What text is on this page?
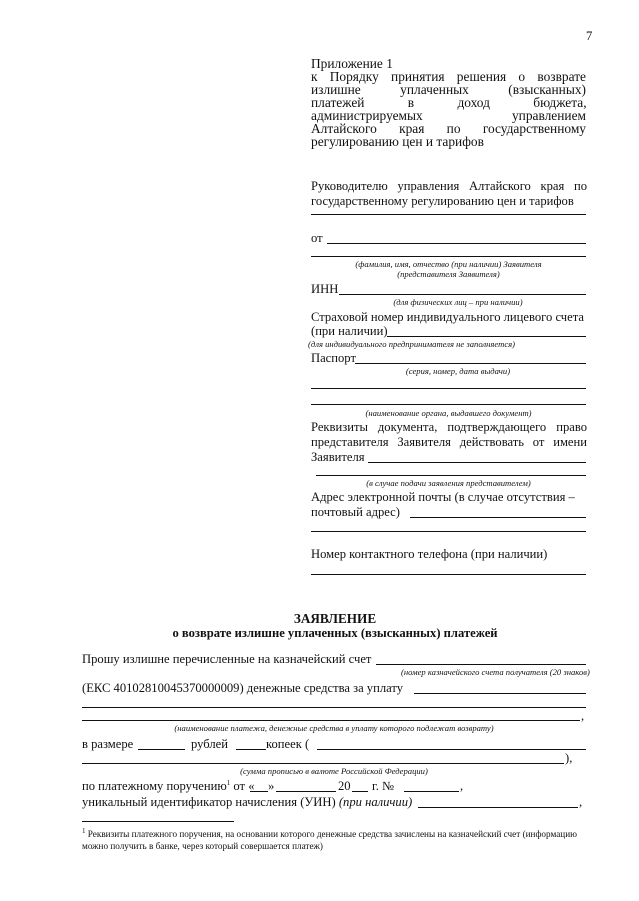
7
Приложение 1
к Порядку принятия решения о возврате
излишне уплаченных (взысканных)
платежей в доход бюджета,
администрируемых управлением
Алтайского края по государственному
регулированию цен и тарифов
Руководителю управления Алтайского края по
государственному регулированию цен и тарифов
от
(фамилия, имя, отчество (при наличии) Заявителя
(представителя Заявителя)
ИНН
(для физических лиц – при наличии)
Страховой номер индивидуального лицевого счета
(при наличии)
(для индивидуального предпринимателя не заполняется)
Паспорт
(серия, номер, дата выдачи)
(наименование органа, выдавшего документ)
Реквизиты документа, подтверждающего право
представителя Заявителя действовать от имени
Заявителя
(в случае подачи заявления представителем)
Адрес электронной почты (в случае отсутствия –
почтовый адрес)
Номер контактного телефона (при наличии)
ЗАЯВЛЕНИЕ
о возврате излишне уплаченных (взысканных) платежей
Прошу излишне перечисленные на казначейский счет
(номер казначейского счета получателя (20 знаков)
(ЕКС 40102810045370000009) денежные средства за уплату
,
(наименование платежа, денежные средства в уплату которого подлежат возврату)
в размере	рублей	копеек (
),
(сумма прописью в валюте Российской Федерации)
по платежному поручению$^1$ от « »	20 г. №	,
уникальный идентификатор начисления (УИН) (при наличии)	,
$^1$ Реквизиты платежного поручения, на основании которого денежные средства зачислены на казначейский счет (информацию можно получить в банке, через который совершается платеж)
